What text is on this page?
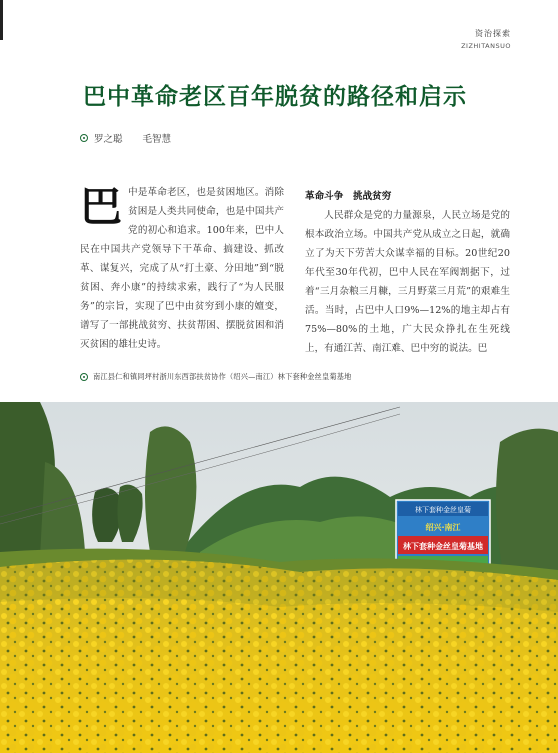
资治探索
ZIZHITANSUO
巴中革命老区百年脱贫的路径和启示
罗之聪 毛智慧
巴 中是革命老区，也是贫困地区。消除贫困是人类共同使命，也是中国共产党的初心和追求。100年来，巴中人民在中国共产党领导下干革命、搞建设、抓改革、谋复兴，完成了从“打土豪、分田地”到“脱贫困、奔小康”的持续求索，践行了“为人民服务”的宗旨，实现了巴中由贫穷到小康的嬗变，谱写了一部挑战贫穷、扶贫帮困、摆脱贫困和消灭贫困的雄壮史诗。

革命斗争　挑战贫穷

人民群众是党的力量源泉，人民立场是党的根本政治立场。中国共产党从成立之日起，就确立了为天下劳苦大众谋幸福的目标。20世纪20年代至30年代初，巴中人民在军阀割据下，过着“三月杂粮三月糠，三月野菜三月荒”的艰难生活。当时，占巴中人口9%—12%的地主却占有75%—80%的土地，广大民众挣扎在生死线上，有通江苦、南江难、巴中穷的说法。巴

南江县仁和镇同坪村浙川东西部扶贫协作（绍兴—南江）林下套种金丝皇菊基地
林下套种金丝皇菊
绍兴·南江
林下套种金丝皇菊基地
